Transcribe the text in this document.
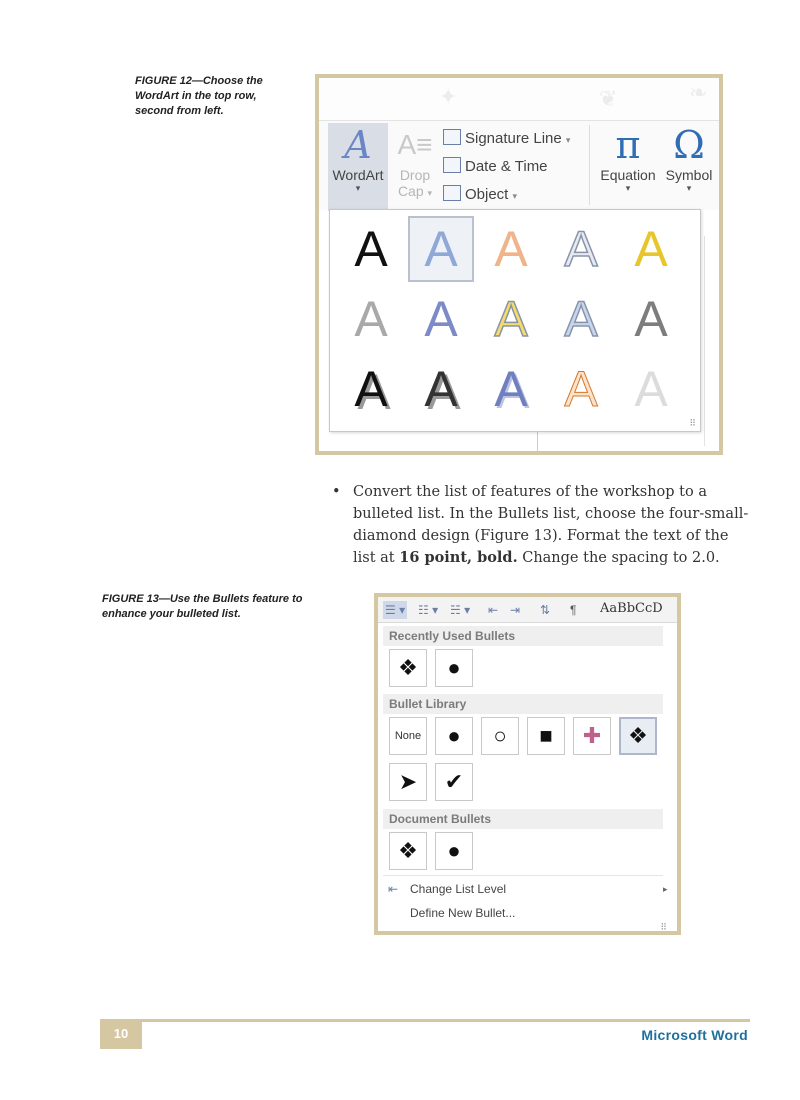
FIGURE 12—Choose the WordArt in the top row, second from left.
✦	❦	❧
A
WordArt
▾
A≡
Drop
Cap ▾
Signature Line ▾
Date & Time
Object ▾
π
Equation
▾
Ω
Symbol
▾
A A A A A
A A A A A
A A A A A
⠿
• Convert the list of features of the workshop to a bulleted list. In the Bullets list, choose the four-small-diamond design (Figure 13). Format the text of the list at 16 point, bold. Change the spacing to 2.0.
FIGURE 13—Use the Bullets feature to enhance your bulleted list.	☰ ▾ ☷ ▾ ☵ ▾ ⇤ ⇥ ⇅ ¶ AaBbCcD
Recently Used Bullets
❖	●
Bullet Library
None	●	○	■	✚	❖
➤	✔
Document Bullets
❖	●
⇤ Change List Level	▸
Define New Bullet...
⠿
10	Microsoft Word
